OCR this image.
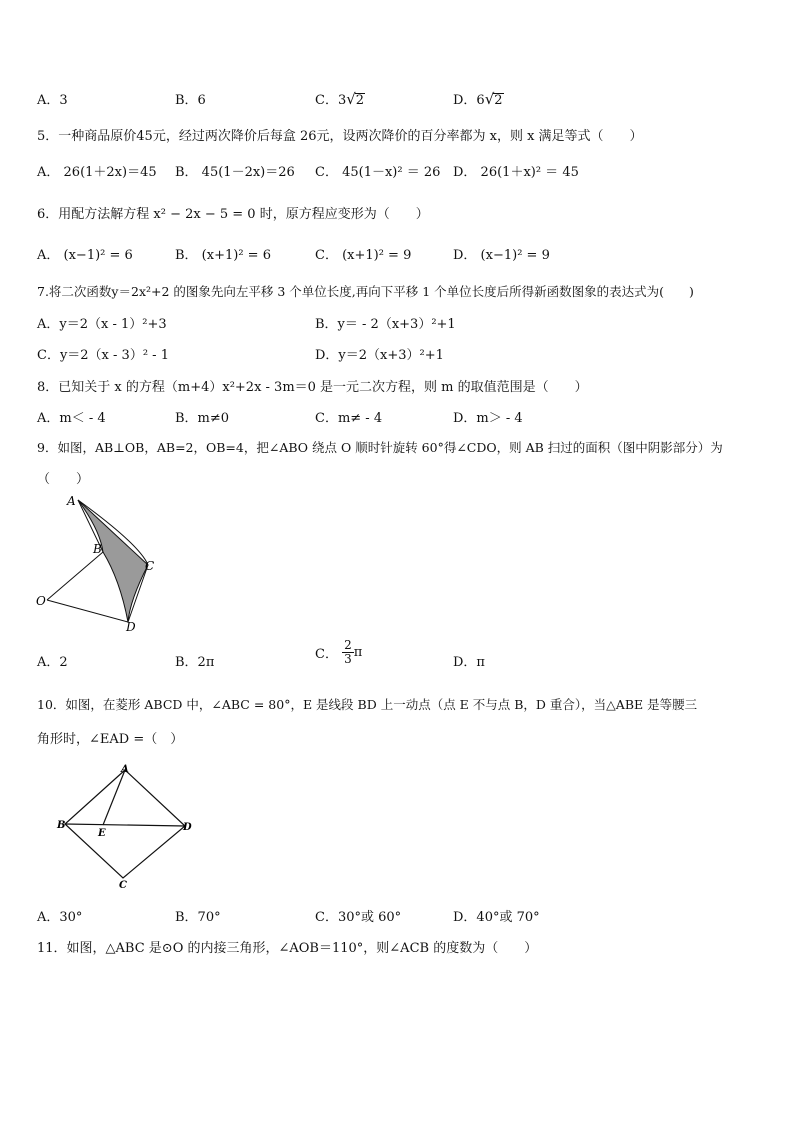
A．3	B．6	C．3√2	D．6√2
5．一种商品原价45元，经过两次降价后每盒 26元，设两次降价的百分率都为 x，则 x 满足等式（　　）
A． 26(1＋2x)＝45 B． 45(1－2x)＝26 C． 45(1－x)² ＝ 26 D． 26(1＋x)² ＝ 45
6．用配方法解方程 x² − 2x − 5 = 0 时，原方程应变形为（　　）
A． (x−1)² = 6	B． (x+1)² = 6	C． (x+1)² = 9	D． (x−1)² = 9
7.将二次函数y＝2x²+2 的图象先向左平移 3 个单位长度,再向下平移 1 个单位长度后所得新函数图象的表达式为(　　)
A．y＝2（x - 1）²+3	B．y＝ - 2（x+3）²+1
C．y＝2（x - 3）² - 1	D．y＝2（x+3）²+1
8．已知关于 x 的方程（m+4）x²+2x - 3m＝0 是一元二次方程，则 m 的取值范围是（　　）
A．m＜ - 4	B．m≠0	C．m≠ - 4	D．m＞ - 4
9．如图，AB⊥OB，AB=2，OB=4，把∠ABO 绕点 O 顺时针旋转 60°得∠CDO，则 AB 扫过的面积（图中阴影部分）为
（　　）
A
B
C
O
D
A．2	B．2π
C． $\frac{2}{3}$ π
D．π
10．如图，在菱形 ABCD 中，∠ABC = 80°，E 是线段 BD 上一动点（点 E 不与点 B，D 重合），当△ABE 是等腰三
角形时，∠EAD =（　）
A
B
E
D
C
A．30°	B．70°	C．30°或 60°	D．40°或 70°
11．如图，△ABC 是⊙O 的内接三角形，∠AOB＝110°，则∠ACB 的度数为（　　）
